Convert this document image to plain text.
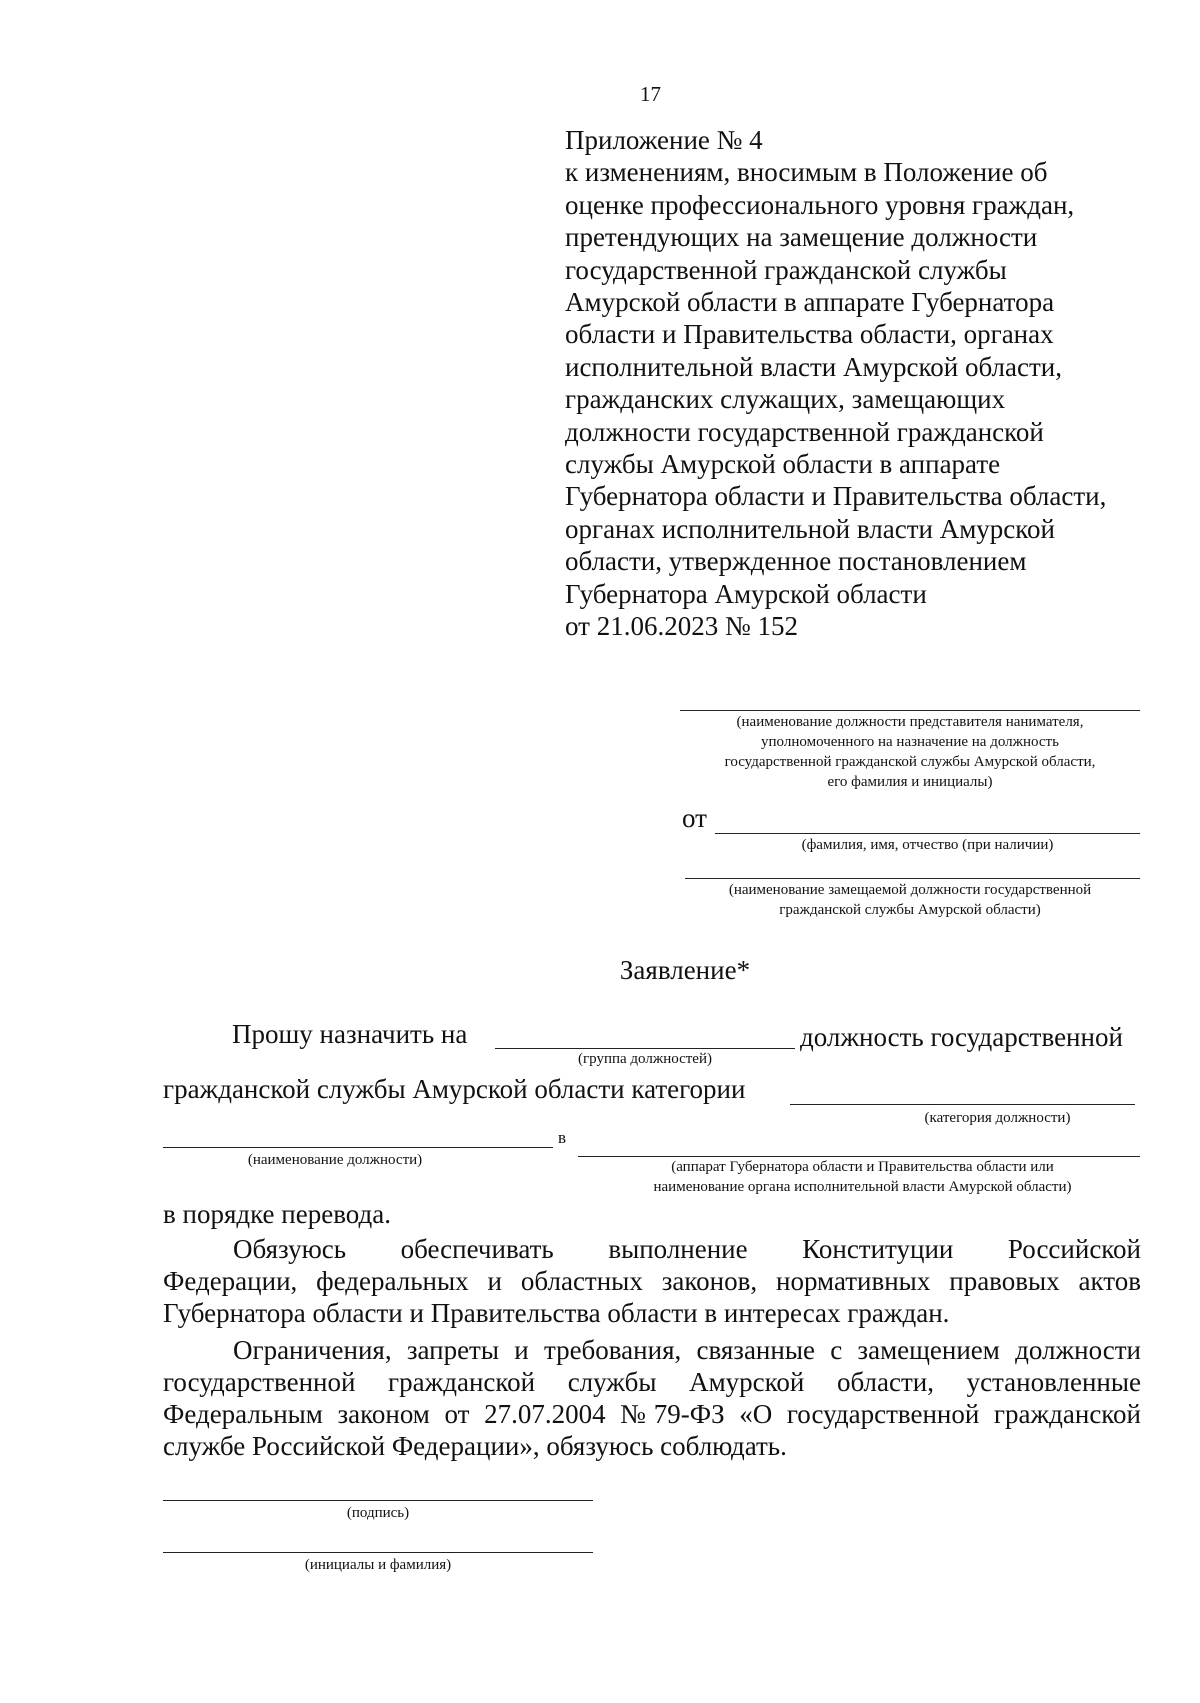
17
Приложение № 4
к изменениям, вносимым в Положение об
оценке профессионального уровня граждан,
претендующих на замещение должности
государственной гражданской службы
Амурской области в аппарате Губернатора
области и Правительства области, органах
исполнительной власти Амурской области,
гражданских служащих, замещающих
должности государственной гражданской
службы Амурской области в аппарате
Губернатора области и Правительства области,
органах исполнительной власти Амурской
области, утвержденное постановлением
Губернатора Амурской области
от 21.06.2023 № 152
(наименование должности представителя нанимателя,
уполномоченного на назначение на должность
государственной гражданской службы Амурской области,
его фамилия и инициалы)
от
(фамилия, имя, отчество (при наличии)
(наименование замещаемой должности государственной
гражданской службы Амурской области)
Заявление*
Прошу назначить на
(группа должностей)
должность государственной
гражданской службы Амурской области категории
(категория должности)
в
(наименование должности)	(аппарат Губернатора области и Правительства области или
наименование органа исполнительной власти Амурской области)
в порядке перевода.
Обязуюсь обеспечивать выполнение Конституции Российской
Федерации, федеральных и областных законов, нормативных правовых актов
Губернатора области и Правительства области в интересах граждан.
Ограничения, запреты и требования, связанные с замещением должности
государственной гражданской службы Амурской области, установленные
Федеральным законом от 27.07.2004 №79-ФЗ «О государственной гражданской
службе Российской Федерации», обязуюсь соблюдать.
(подпись)
(инициалы и фамилия)
